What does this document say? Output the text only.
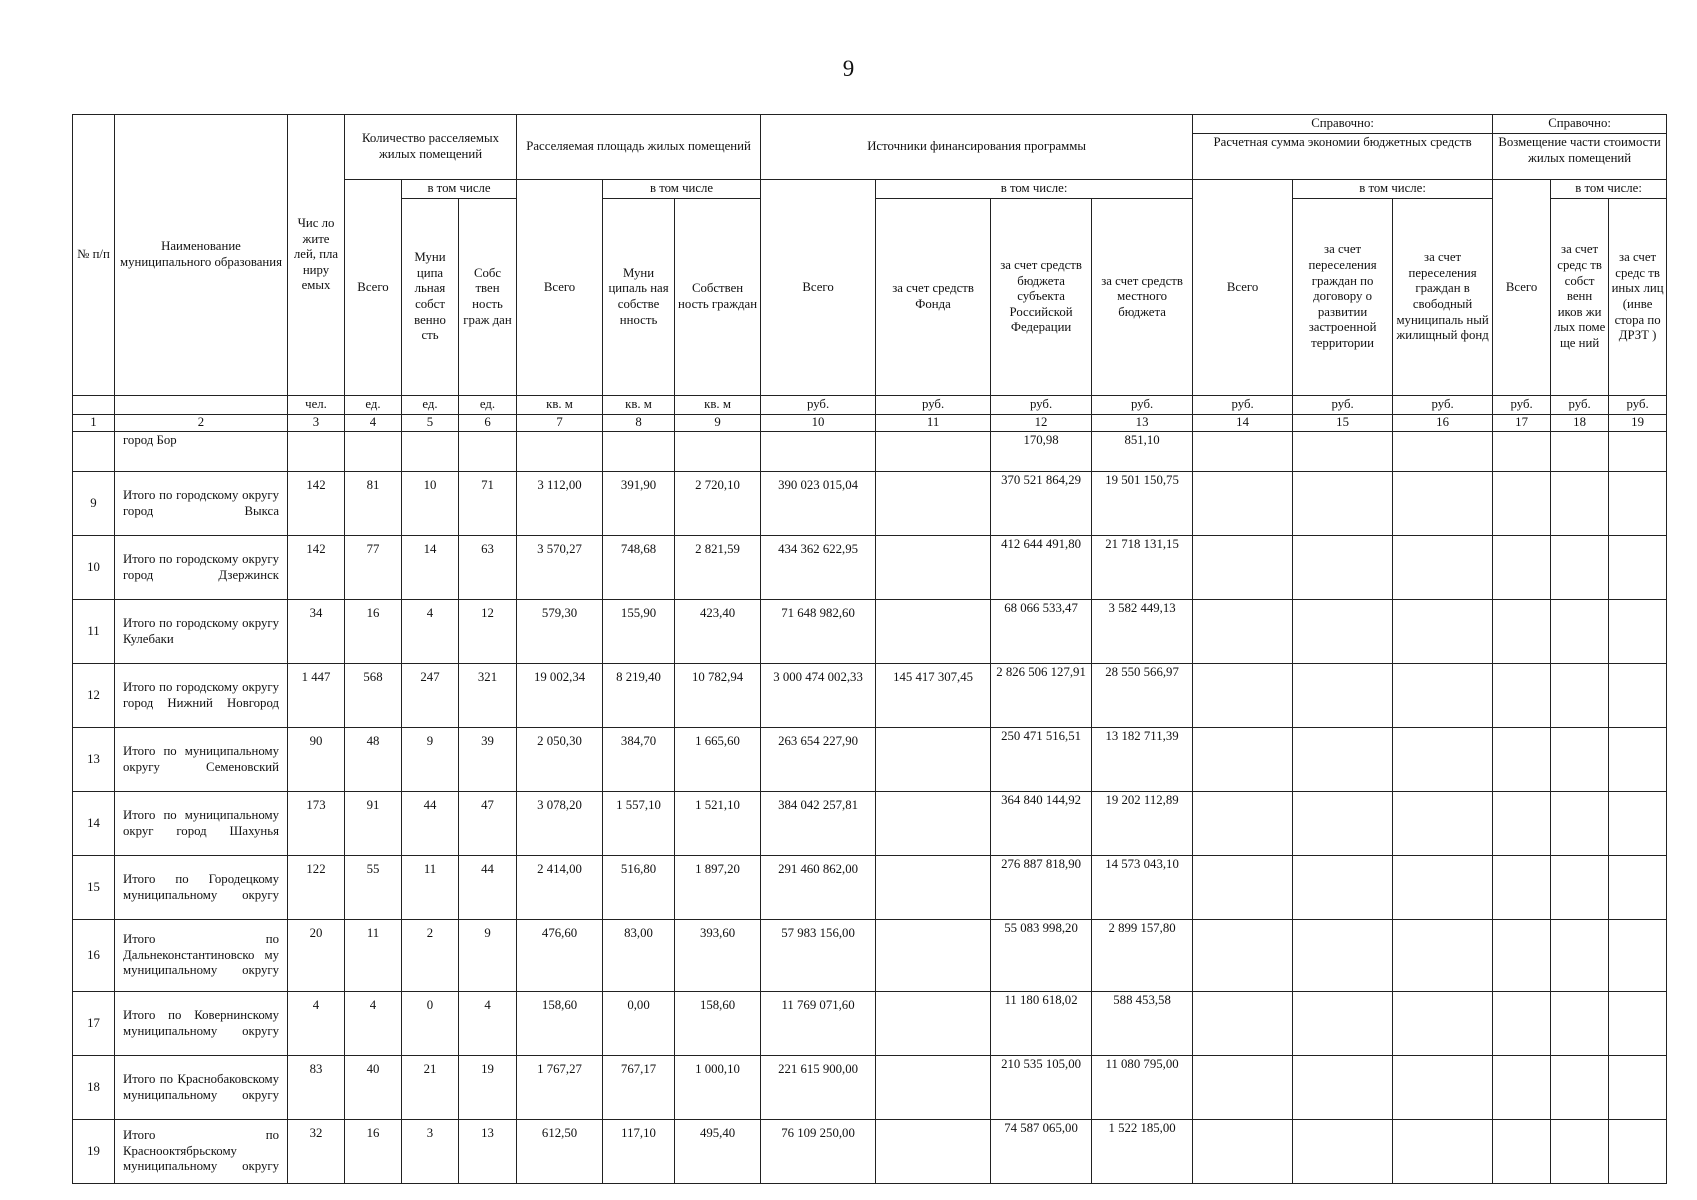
9
№ п/п	Наименование муниципального образования	Чис ло жите лей, пла ниру емых	Количество расселяемых жилых помещений			Расселяемая площадь жилых помещений			Источники финансирования программы				Справочно:			Справочно:		
													Расчетная сумма экономии бюджетных средств			Возмещение части стоимости жилых помещений		
			Всего	в том числе		Всего	в том числе		Всего	в том числе:			Всего	в том числе:		Всего	в том числе:	
				Муни ципа льная собст венно сть	Собс твен ность граж дан		Муни ципаль ная собстве нность	Собствен ность граждан		за счет средств Фонда	за счет средств бюджета субъекта Российской Федерации	за счет средств местного бюджета		за счет переселения граждан по договору о развитии застроенной территории	за счет переселения граждан в свободный муниципаль ный жилищный фонд		за счет средс тв собст венн иков жи лых поме ще ний	за счет средс тв иных лиц (инве стора по ДРЗТ )
		чел.	ед.	ед.	ед.	кв. м	кв. м	кв. м	руб.	руб.	руб.	руб.	руб.	руб.	руб.	руб.	руб.	руб.
1	2	3	4	5	6	7	8	9	10	11	12	13	14	15	16	17	18	19
	город Бор										170,98	851,10						
9	Итого по городскому округу город Выкса	142	81	10	71	3 112,00	391,90	2 720,10	390 023 015,04		370 521 864,29	19 501 150,75						
10	Итого по городскому округу город Дзержинск	142	77	14	63	3 570,27	748,68	2 821,59	434 362 622,95		412 644 491,80	21 718 131,15						
11	Итого по городскому округу Кулебаки	34	16	4	12	579,30	155,90	423,40	71 648 982,60		68 066 533,47	3 582 449,13						
12	Итого по городскому округу город Нижний Новгород	1 447	568	247	321	19 002,34	8 219,40	10 782,94	3 000 474 002,33	145 417 307,45	2 826 506 127,91	28 550 566,97						
13	Итого по муниципальному округу Семеновский	90	48	9	39	2 050,30	384,70	1 665,60	263 654 227,90		250 471 516,51	13 182 711,39						
14	Итого по муниципальному округ город Шахунья	173	91	44	47	3 078,20	1 557,10	1 521,10	384 042 257,81		364 840 144,92	19 202 112,89						
15	Итого по Городецкому муниципальному округу	122	55	11	44	2 414,00	516,80	1 897,20	291 460 862,00		276 887 818,90	14 573 043,10						
16	Итого по Дальнеконстантиновско му муниципальному округу	20	11	2	9	476,60	83,00	393,60	57 983 156,00		55 083 998,20	2 899 157,80						
17	Итого по Ковернинскому муниципальному округу	4	4	0	4	158,60	0,00	158,60	11 769 071,60		11 180 618,02	588 453,58						
18	Итого по Краснобаковскому муниципальному округу	83	40	21	19	1 767,27	767,17	1 000,10	221 615 900,00		210 535 105,00	11 080 795,00						
19	Итого по Краснооктябрьскому муниципальному округу	32	16	3	13	612,50	117,10	495,40	76 109 250,00		74 587 065,00	1 522 185,00						
